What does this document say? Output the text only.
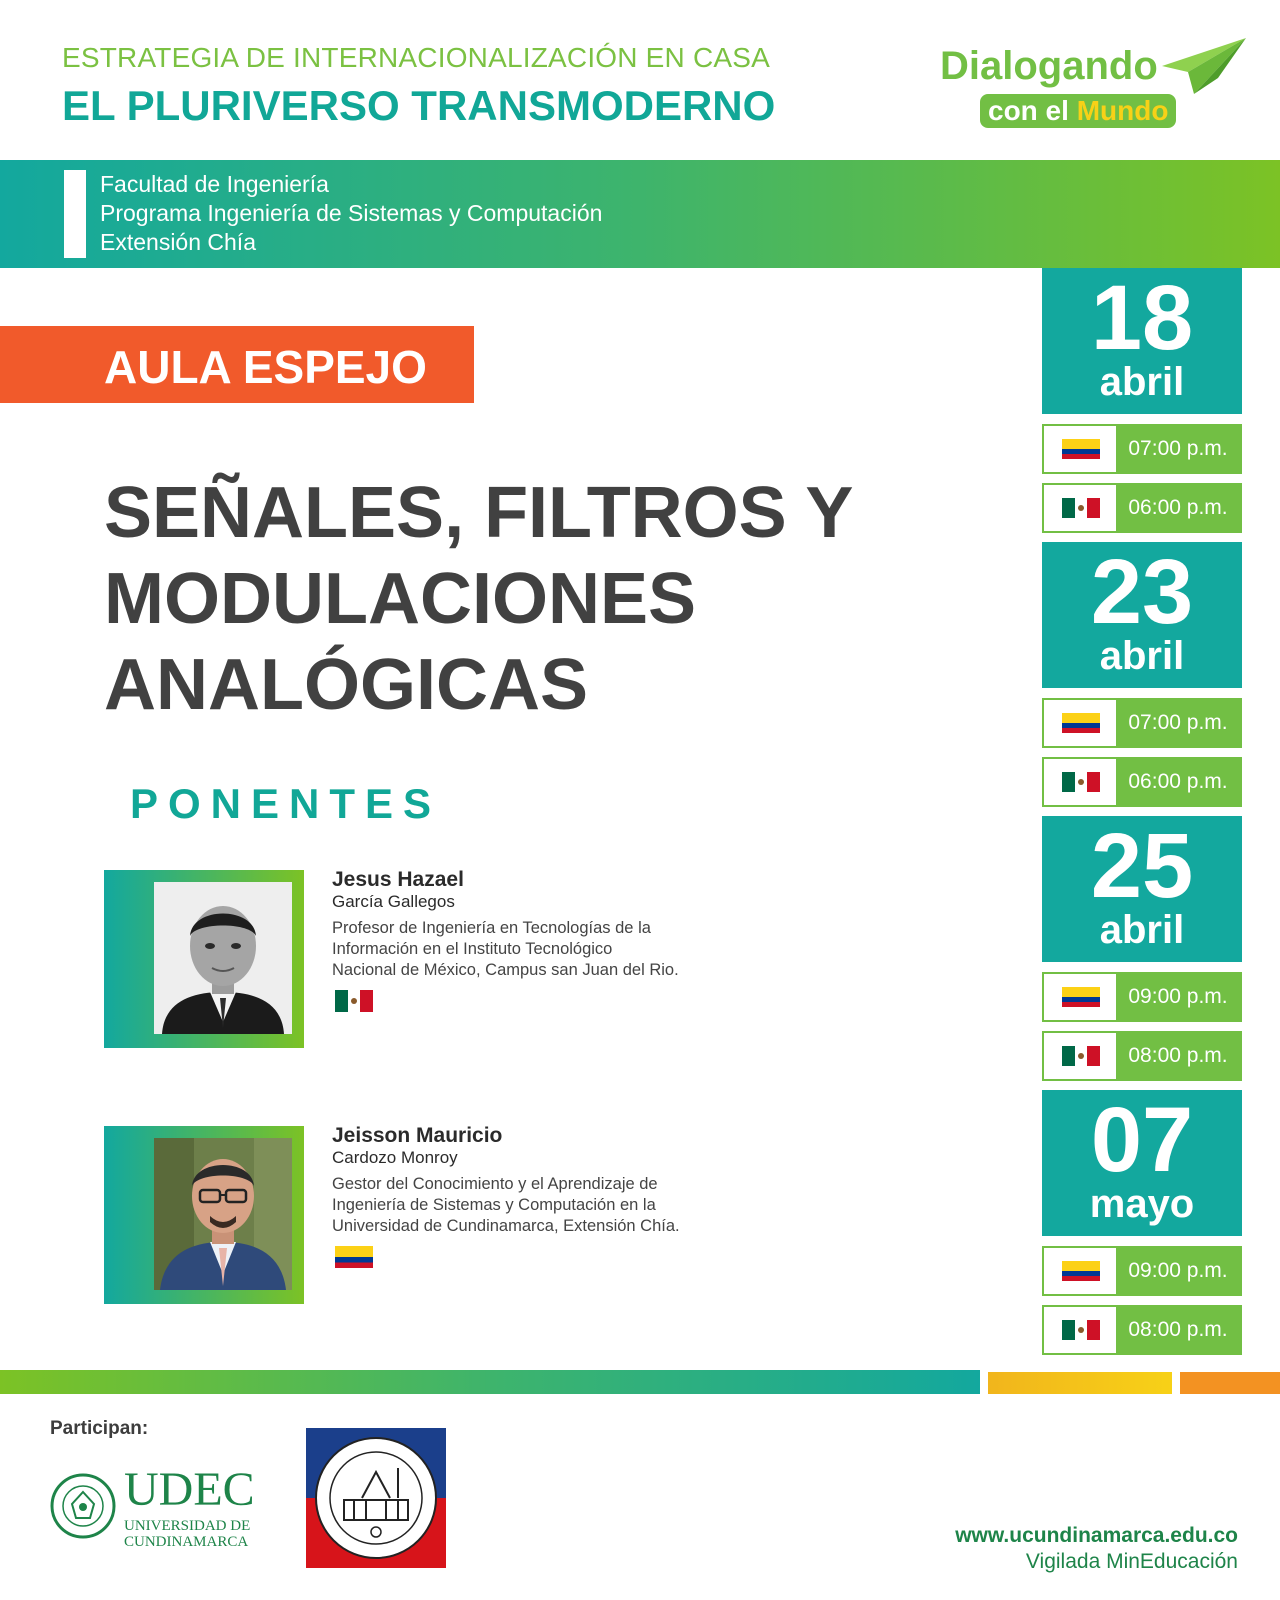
ESTRATEGIA DE INTERNACIONALIZACIÓN EN CASA
EL PLURIVERSO TRANSMODERNO
Dialogando
con el Mundo
Facultad de Ingeniería
Programa Ingeniería de Sistemas y Computación
Extensión Chía
AULA ESPEJO
SEÑALES, FILTROS Y
MODULACIONES
ANALÓGICAS
PONENTES
Jesus Hazael
García Gallegos
Profesor de Ingeniería en Tecnologías de la
Información en el Instituto Tecnológico
Nacional de México, Campus san Juan del Rio.
Jeisson Mauricio
Cardozo Monroy
Gestor del Conocimiento y el Aprendizaje de
Ingeniería de Sistemas y Computación en la
Universidad de Cundinamarca, Extensión Chía.
18
abril
07:00 p.m.
06:00 p.m.
23
abril
07:00 p.m.
06:00 p.m.
25
abril
09:00 p.m.
08:00 p.m.
07
mayo
09:00 p.m.
08:00 p.m.
Participan:
UDEC
UNIVERSIDAD DE
CUNDINAMARCA	www.ucundinamarca.edu.co
Vigilada MinEducación
